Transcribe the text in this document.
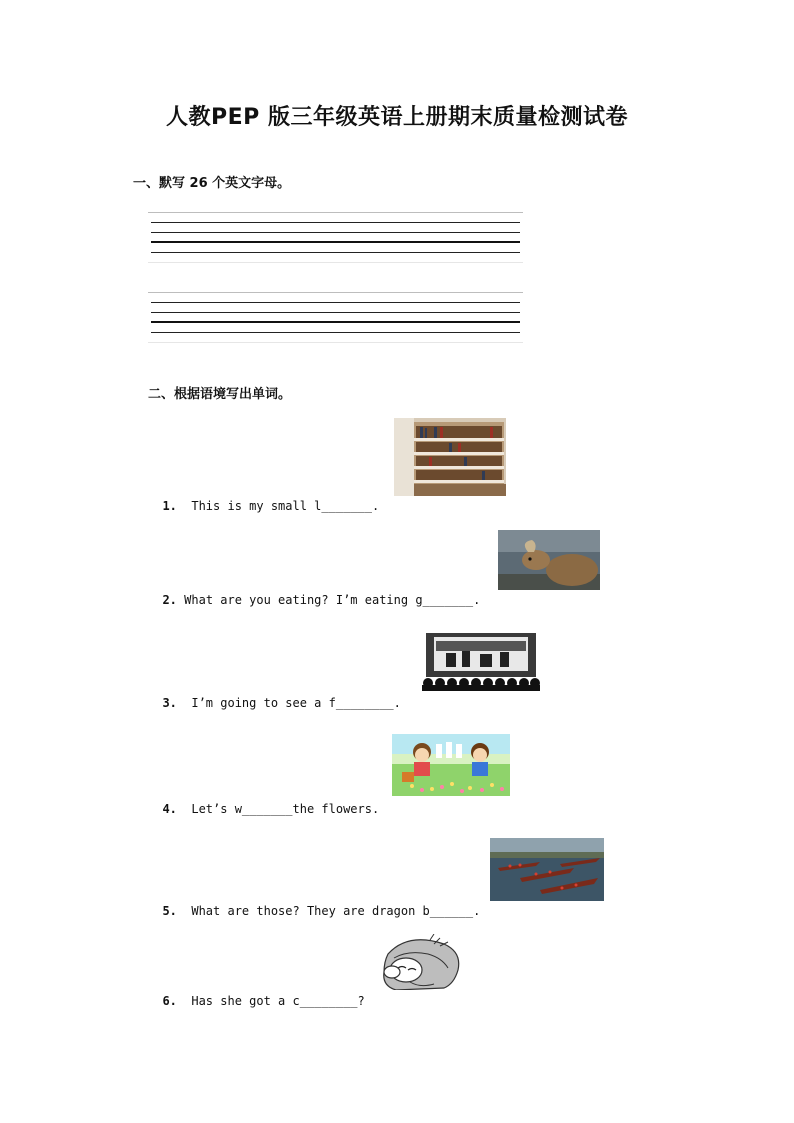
人教PEP 版三年级英语上册期末质量检测试卷
一、默写 26 个英文字母。
二、根据语境写出单词。

1. This is my small l_______.

2. What are you eating? I’m eating g_______.

3. I’m going to see a f________.

4. Let’s w_______the flowers.

5. What are those? They are dragon b______.

6. Has she got a c________?
